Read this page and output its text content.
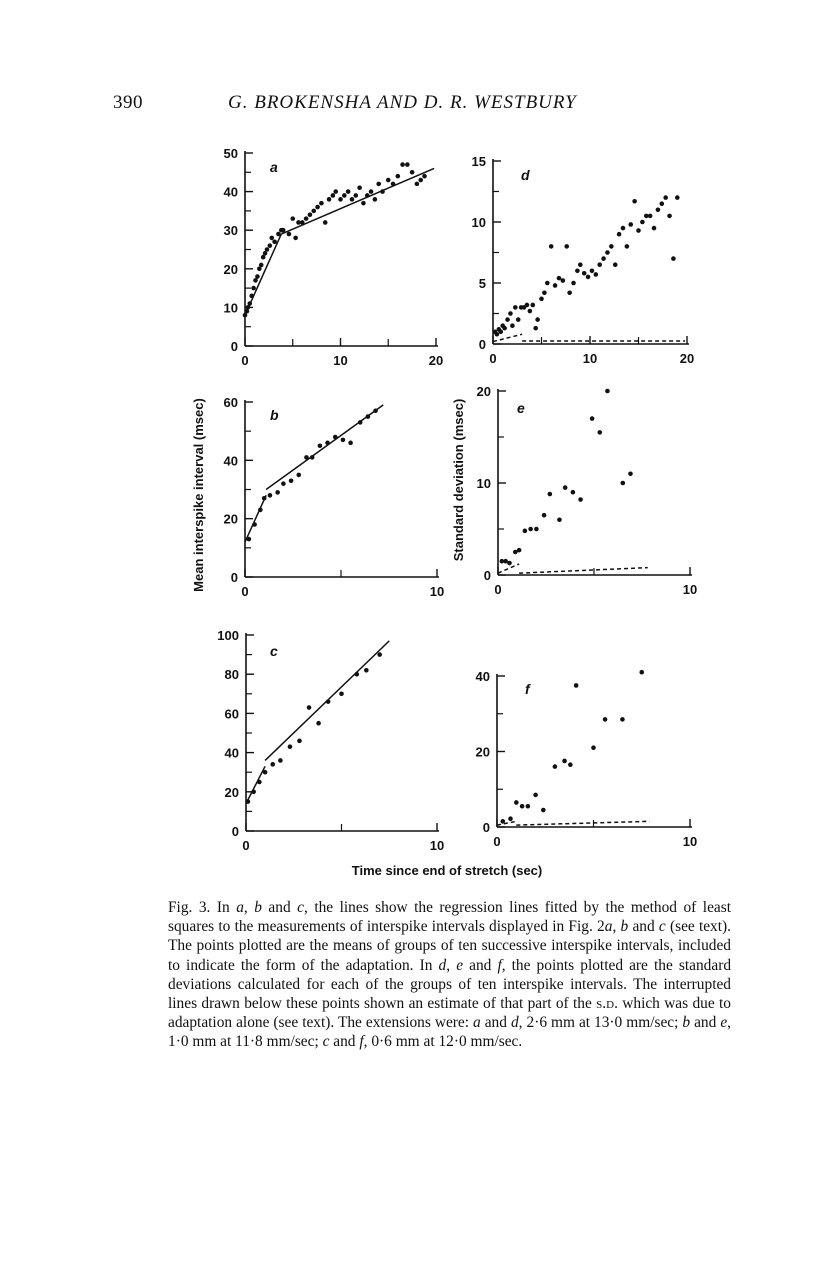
390	G. BROKENSHA AND D. R. WESTBURY
0
10
20
30
40
50
0	10	20
a
0
20
40
60
0	10
b
0
20
40
60
80
100
0	10
c
0
5
10
15
0	10	20
d
0
10
20
0	10
e
0
20
40
0	10
f
Mean interspike interval (msec)	Standard deviation (msec)
Time since end of stretch (sec)
Fig. 3. In a, b and c, the lines show the regression lines fitted by the method of least squares to the measurements of interspike intervals displayed in Fig. 2a, b and c (see text). The points plotted are the means of groups of ten successive interspike intervals, included to indicate the form of the adaptation. In d, e and f, the points plotted are the standard deviations calculated for each of the groups of ten interspike intervals. The interrupted lines drawn below these points shown an estimate of that part of the s.d. which was due to adaptation alone (see text). The extensions were: a and d, 2·6 mm at 13·0 mm/sec; b and e, 1·0 mm at 11·8 mm/sec; c and f, 0·6 mm at 12·0 mm/sec.
